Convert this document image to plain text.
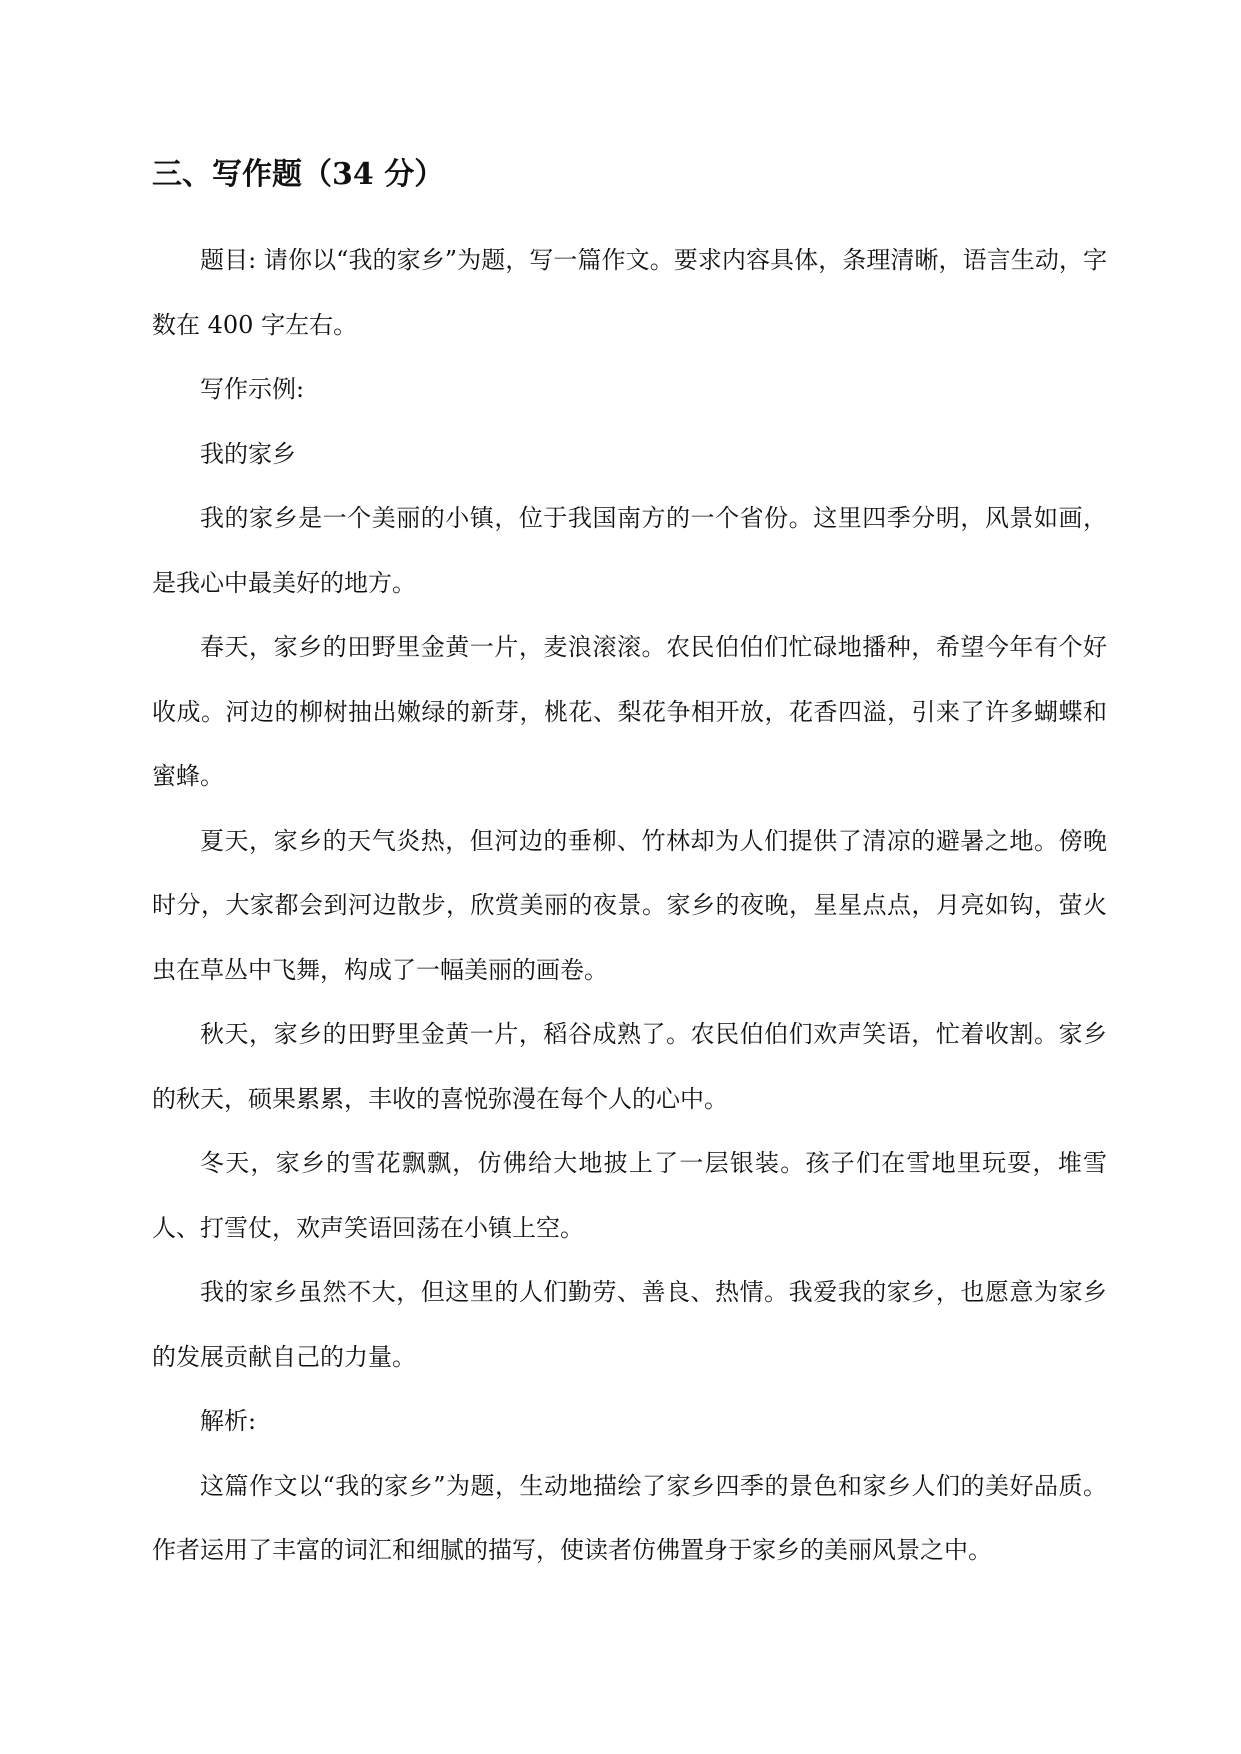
三、写作题（34 分）

题目: 请你以“我的家乡”为题，写一篇作文。要求内容具体，条理清晰，语言生动，字数在 400 字左右。

写作示例:

我的家乡

我的家乡是一个美丽的小镇，位于我国南方的一个省份。这里四季分明，风景如画，是我心中最美好的地方。

春天，家乡的田野里金黄一片，麦浪滚滚。农民伯伯们忙碌地播种，希望今年有个好收成。河边的柳树抽出嫩绿的新芽，桃花、梨花争相开放，花香四溢，引来了许多蝴蝶和蜜蜂。

夏天，家乡的天气炎热，但河边的垂柳、竹林却为人们提供了清凉的避暑之地。傍晚时分，大家都会到河边散步，欣赏美丽的夜景。家乡的夜晚，星星点点，月亮如钩，萤火虫在草丛中飞舞，构成了一幅美丽的画卷。

秋天，家乡的田野里金黄一片，稻谷成熟了。农民伯伯们欢声笑语，忙着收割。家乡的秋天，硕果累累，丰收的喜悦弥漫在每个人的心中。

冬天，家乡的雪花飘飘，仿佛给大地披上了一层银装。孩子们在雪地里玩耍，堆雪人、打雪仗，欢声笑语回荡在小镇上空。

我的家乡虽然不大，但这里的人们勤劳、善良、热情。我爱我的家乡，也愿意为家乡的发展贡献自己的力量。

解析:

这篇作文以“我的家乡”为题，生动地描绘了家乡四季的景色和家乡人们的美好品质。作者运用了丰富的词汇和细腻的描写，使读者仿佛置身于家乡的美丽风景之中。
